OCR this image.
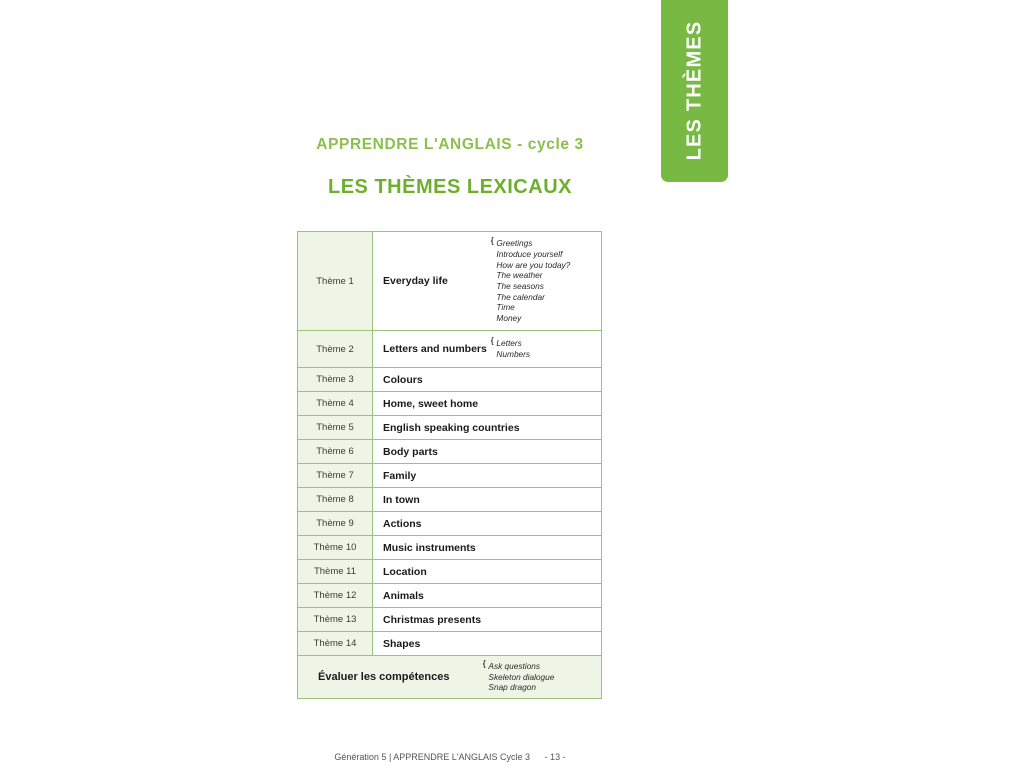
LES THÈMES
APPRENDRE L'ANGLAIS - cycle 3
LES THÈMES LEXICAUX
Thème 1	Everyday life
{

Greetings
Introduce yourself
How are you today?
The weather
The seasons
The calendar
Time
Money
Thème 2	Letters and numbers
{
Letters
Numbers
Thème 3	Colours
Thème 4	Home, sweet home
Thème 5	English speaking countries
Thème 6	Body parts
Thème 7	Family
Thème 8	In town
Thème 9	Actions
Thème 10	Music instruments
Thème 11	Location
Thème 12	Animals
Thème 13	Christmas presents
Thème 14	Shapes
Évaluer les compétences
{

Ask questions
Skeleton dialogue
Snap dragon
Génération 5 | APPRENDRE L'ANGLAIS Cycle 3 - 13 -
